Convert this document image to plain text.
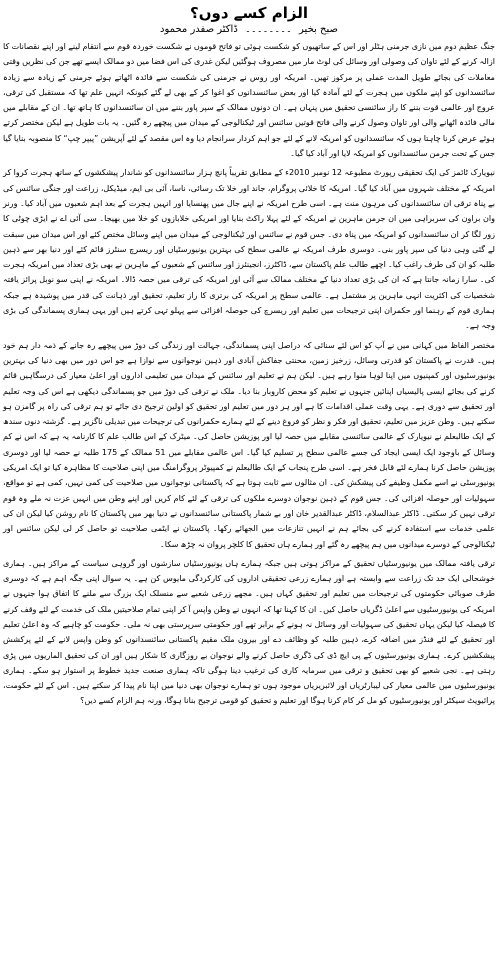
الزام کسے دوں؟
صبح بخیر ۔۔۔۔۔۔۔۔ ڈاکٹر صفدر محمود

جنگ عظیم دوم میں نازی جرمنی ہٹلر اور اس کے ساتھیوں کو شکست ہوئی تو فاتح قوموں نے شکست خوردہ قوم سے انتقام لینے اور اپنے نقصانات کا ازالہ کرنے کے لئے تاوان کی وصولی اور وسائل کی لوٹ مار میں مصروف ہوگئیں لیکن غدری کی اس فضا میں دو ممالک ایسے تھے جن کی نظریں وقتی معاملات کی بجائے طویل المدت عملی پر مرکوز تھیں۔ امریکہ اور روس نے جرمنی کی شکست سے فائدہ اٹھاتے ہوئے جرمنی کے زیادہ سے زیادہ سائنسدانوں کو اپنے ملکوں میں ہجرت کے لئے آمادہ کیا اور بعض سائنسدانوں کو اغوا کر کے بھی لے گئے کیونکہ انہیں علم تھا کہ مستقبل کی ترقی، عروج اور عالمی قوت بننے کا راز سائنسی تحقیق میں پنہاں ہے۔ ان دونوں ممالک کے سپر پاور بننے میں ان سائنسدانوں کا ہاتھ تھا۔ ان کے مقابلے میں مالی فائدہ اٹھانے والی اور تاوان وصول کرنے والی فاتح قوتیں سائنس اور ٹیکنالوجی کے میدان میں پیچھے رہ گئیں۔ یہ بات طویل ہے لیکن مختصر کرتے ہوئے عرض کرنا چاہتا ہوں کہ سائنسدانوں کو امریکہ لانے کے لئے جو اہم کردار سرانجام دیا وہ اس مقصد کے لئے آپریشن ”پیپر چپ“ کا منصوبہ بنایا گیا جس کے تحت جرمن سائنسدانوں کو امریکہ لایا اور آباد کیا گیا۔

نیویارک ٹائمز کی ایک تحقیقی رپورٹ مطبوعہ 12 نومبر 2010ء کے مطابق تقریباً پانچ ہزار سائنسدانوں کو شاندار پیشکشوں کے ساتھ ہجرت کروا کر امریکہ کے مختلف شہروں میں آباد کیا گیا۔ امریکہ کا خلائی پروگرام، جاند اور خلا تک رسائی، ناسا، آئی بی ایم، میڈیکل، زراعت اور جنگی سائنس کی بے پناہ ترقی ان سائنسدانوں کی مرہون منت ہے۔ اسی طرح امریکہ نے اپنے جال میں پھنسایا اور انہیں ہجرت کے بعد اہم شعبوں میں آباد کیا۔ ورنر وان براون کی سربراہی میں ان جرمن ماہرین نے امریکہ کے لئے پہلا راکٹ بنایا اور امریکی خلابازوں کو خلا میں بھیجا۔ سی آئی اے نے ایڑی چوٹی کا زور لگا کر ان سائنسدانوں کو امریکہ میں پناہ دی۔ جس قوم نے سائنس اور ٹیکنالوجی کے میدان میں اپنے وسائل مختص کئے اور اس میدان میں سبقت لے گئی وہی دنیا کی سپر پاور بنی۔ دوسری طرف امریکہ نے عالمی سطح کی بہترین یونیورسٹیاں اور ریسرچ سنٹرز قائم کئے اور دنیا بھر سے ذہین طلبہ کو ان کی طرف راغب کیا۔ اچھے طالب علم پاکستان سے، ڈاکٹرز، انجینئرز اور سائنس کے شعبوں کے ماہرین نے بھی بڑی تعداد میں امریکہ ہجرت کی۔ سارا زمانہ جانتا ہے کہ ان کی بڑی تعداد دنیا کے مختلف ممالک سے آئی اور امریکہ کی ترقی میں حصہ ڈالا۔ امریکہ نے اپنی سو نوبل پرائز یافتہ شخصیات کی اکثریت انہی ماہرین پر مشتمل ہے۔ عالمی سطح پر امریکہ کی برتری کا راز تعلیم، تحقیق اور ذہانت کی قدر میں پوشیدہ ہے جبکہ ہماری قوم کے رہنما اور حکمران اپنی ترجیحات میں تعلیم اور ریسرچ کی حوصلہ افزائی سے پہلو تہی کرتے ہیں اور یہی ہماری پسماندگی کی بڑی وجہ ہے۔

مختصر الفاظ میں کہانی میں نے آپ کو اس لئے سنائی کہ دراصل اپنی پسماندگی، جہالت اور زندگی کی دوڑ میں پیچھے رہ جانے کے ذمہ دار ہم خود ہیں۔ قدرت نے پاکستان کو قدرتی وسائل، زرخیز زمین، محنتی جفاکش آبادی اور ذہین نوجوانوں سے نوازا ہے جو اس دور میں بھی دنیا کی بہترین یونیورسٹیوں اور کمپنیوں میں اپنا لوہا منوا رہے ہیں۔ لیکن ہم نے تعلیم اور سائنس کے میدان میں تعلیمی اداروں اور اعلیٰ معیار کی درسگاہیں قائم کرنے کی بجائے ایسی پالیسیاں اپنائیں جنہوں نے تعلیم کو محض کاروبار بنا دیا۔ ملک نے ترقی کی دوڑ میں جو پسماندگی دیکھی ہے اس کی وجہ تعلیم اور تحقیق سے دوری ہے۔ یہی وقت عملی اقدامات کا ہے اور ہر دور میں تعلیم اور تحقیق کو اولین ترجیح دی جائے تو ہم ترقی کی راہ پر گامزن ہو سکتے ہیں۔ وطن عزیز میں تعلیم، تحقیق اور فکر و نظر کو فروغ دینے کے لئے ہمارے حکمرانوں کی ترجیحات میں تبدیلی ناگزیر ہے۔ گزشتہ دنوں سندھ کے ایک طالبعلم نے نیویارک کے عالمی سائنسی مقابلے میں حصہ لیا اور پوزیشن حاصل کی۔ میٹرک کے اس طالب علم کا کارنامہ یہ ہے کہ اس نے کم وسائل کے باوجود ایک ایسی ایجاد کی جسے عالمی سطح پر تسلیم کیا گیا۔ اس عالمی مقابلے میں 51 ممالک کے 175 طلبہ نے حصہ لیا اور دوسری پوزیشن حاصل کرنا ہمارے لئے قابل فخر ہے۔ اسی طرح پنجاب کے ایک طالبعلم نے کمپیوٹر پروگرامنگ میں اپنی صلاحیت کا مظاہرہ کیا تو ایک امریکی یونیورسٹی نے اسے مکمل وظیفے کی پیشکش کی۔ ان مثالوں سے ثابت ہوتا ہے کہ پاکستانی نوجوانوں میں صلاحیت کی کمی نہیں، کمی ہے تو مواقع، سہولیات اور حوصلہ افزائی کی۔ جس قوم کے ذہین نوجوان دوسرے ملکوں کی ترقی کے لئے کام کریں اور اپنے وطن میں انہیں عزت نہ ملے وہ قوم ترقی نہیں کر سکتی۔ ڈاکٹر عبدالسلام، ڈاکٹر عبدالقدیر خان اور بے شمار پاکستانی سائنسدانوں نے دنیا بھر میں پاکستان کا نام روشن کیا لیکن ان کی علمی خدمات سے استفادہ کرنے کی بجائے ہم نے انہیں تنازعات میں الجھائے رکھا۔ پاکستان نے ایٹمی صلاحیت تو حاصل کر لی لیکن سائنس اور ٹیکنالوجی کے دوسرے میدانوں میں ہم پیچھے رہ گئے اور ہمارے ہاں تحقیق کا کلچر پروان نہ چڑھ سکا۔

ترقی یافتہ ممالک میں یونیورسٹیاں تحقیق کے مراکز ہوتی ہیں جبکہ ہمارے ہاں یونیورسٹیاں سازشوں اور گروہی سیاست کے مراکز ہیں۔ ہماری خوشحالی ایک حد تک زراعت سے وابستہ ہے اور ہمارے زرعی تحقیقی اداروں کی کارکردگی مایوس کن ہے۔ یہ سوال اپنی جگہ اہم ہے کہ دوسری طرف صوبائی حکومتوں کی ترجیحات میں تعلیم اور تحقیق کہاں ہیں۔ مجھے زرعی شعبے سے منسلک ایک بزرگ سے ملنے کا اتفاق ہوا جنہوں نے امریکہ کی یونیورسٹیوں سے اعلیٰ ڈگریاں حاصل کیں۔ ان کا کہنا تھا کہ انہوں نے وطن واپس آ کر اپنی تمام صلاحیتیں ملک کی خدمت کے لئے وقف کرنے کا فیصلہ کیا لیکن یہاں تحقیق کی سہولیات اور وسائل نہ ہونے کے برابر تھے اور حکومتی سرپرستی بھی نہ ملی۔ حکومت کو چاہیے کہ وہ اعلیٰ تعلیم اور تحقیق کے لئے فنڈز میں اضافہ کرے، ذہین طلبہ کو وظائف دے اور بیرون ملک مقیم پاکستانی سائنسدانوں کو وطن واپس لانے کے لئے پرکشش پیشکشیں کرے۔ ہماری یونیورسٹیوں کے پی ایچ ڈی کی ڈگری حاصل کرنے والے نوجوان بے روزگاری کا شکار ہیں اور ان کی تحقیق الماریوں میں پڑی رہتی ہے۔ نجی شعبے کو بھی تحقیق و ترقی میں سرمایہ کاری کی ترغیب دینا ہوگی تاکہ ہماری صنعت جدید خطوط پر استوار ہو سکے۔ ہماری یونیورسٹیوں میں عالمی معیار کی لیبارٹریاں اور لائبریریاں موجود ہوں تو ہمارے نوجوان بھی دنیا میں اپنا نام پیدا کر سکتے ہیں۔ اس کے لئے حکومت، پرائیویٹ سیکٹر اور یونیورسٹیوں کو مل کر کام کرنا ہوگا اور تعلیم و تحقیق کو قومی ترجیح بنانا ہوگا، ورنہ ہم الزام کسے دیں؟
